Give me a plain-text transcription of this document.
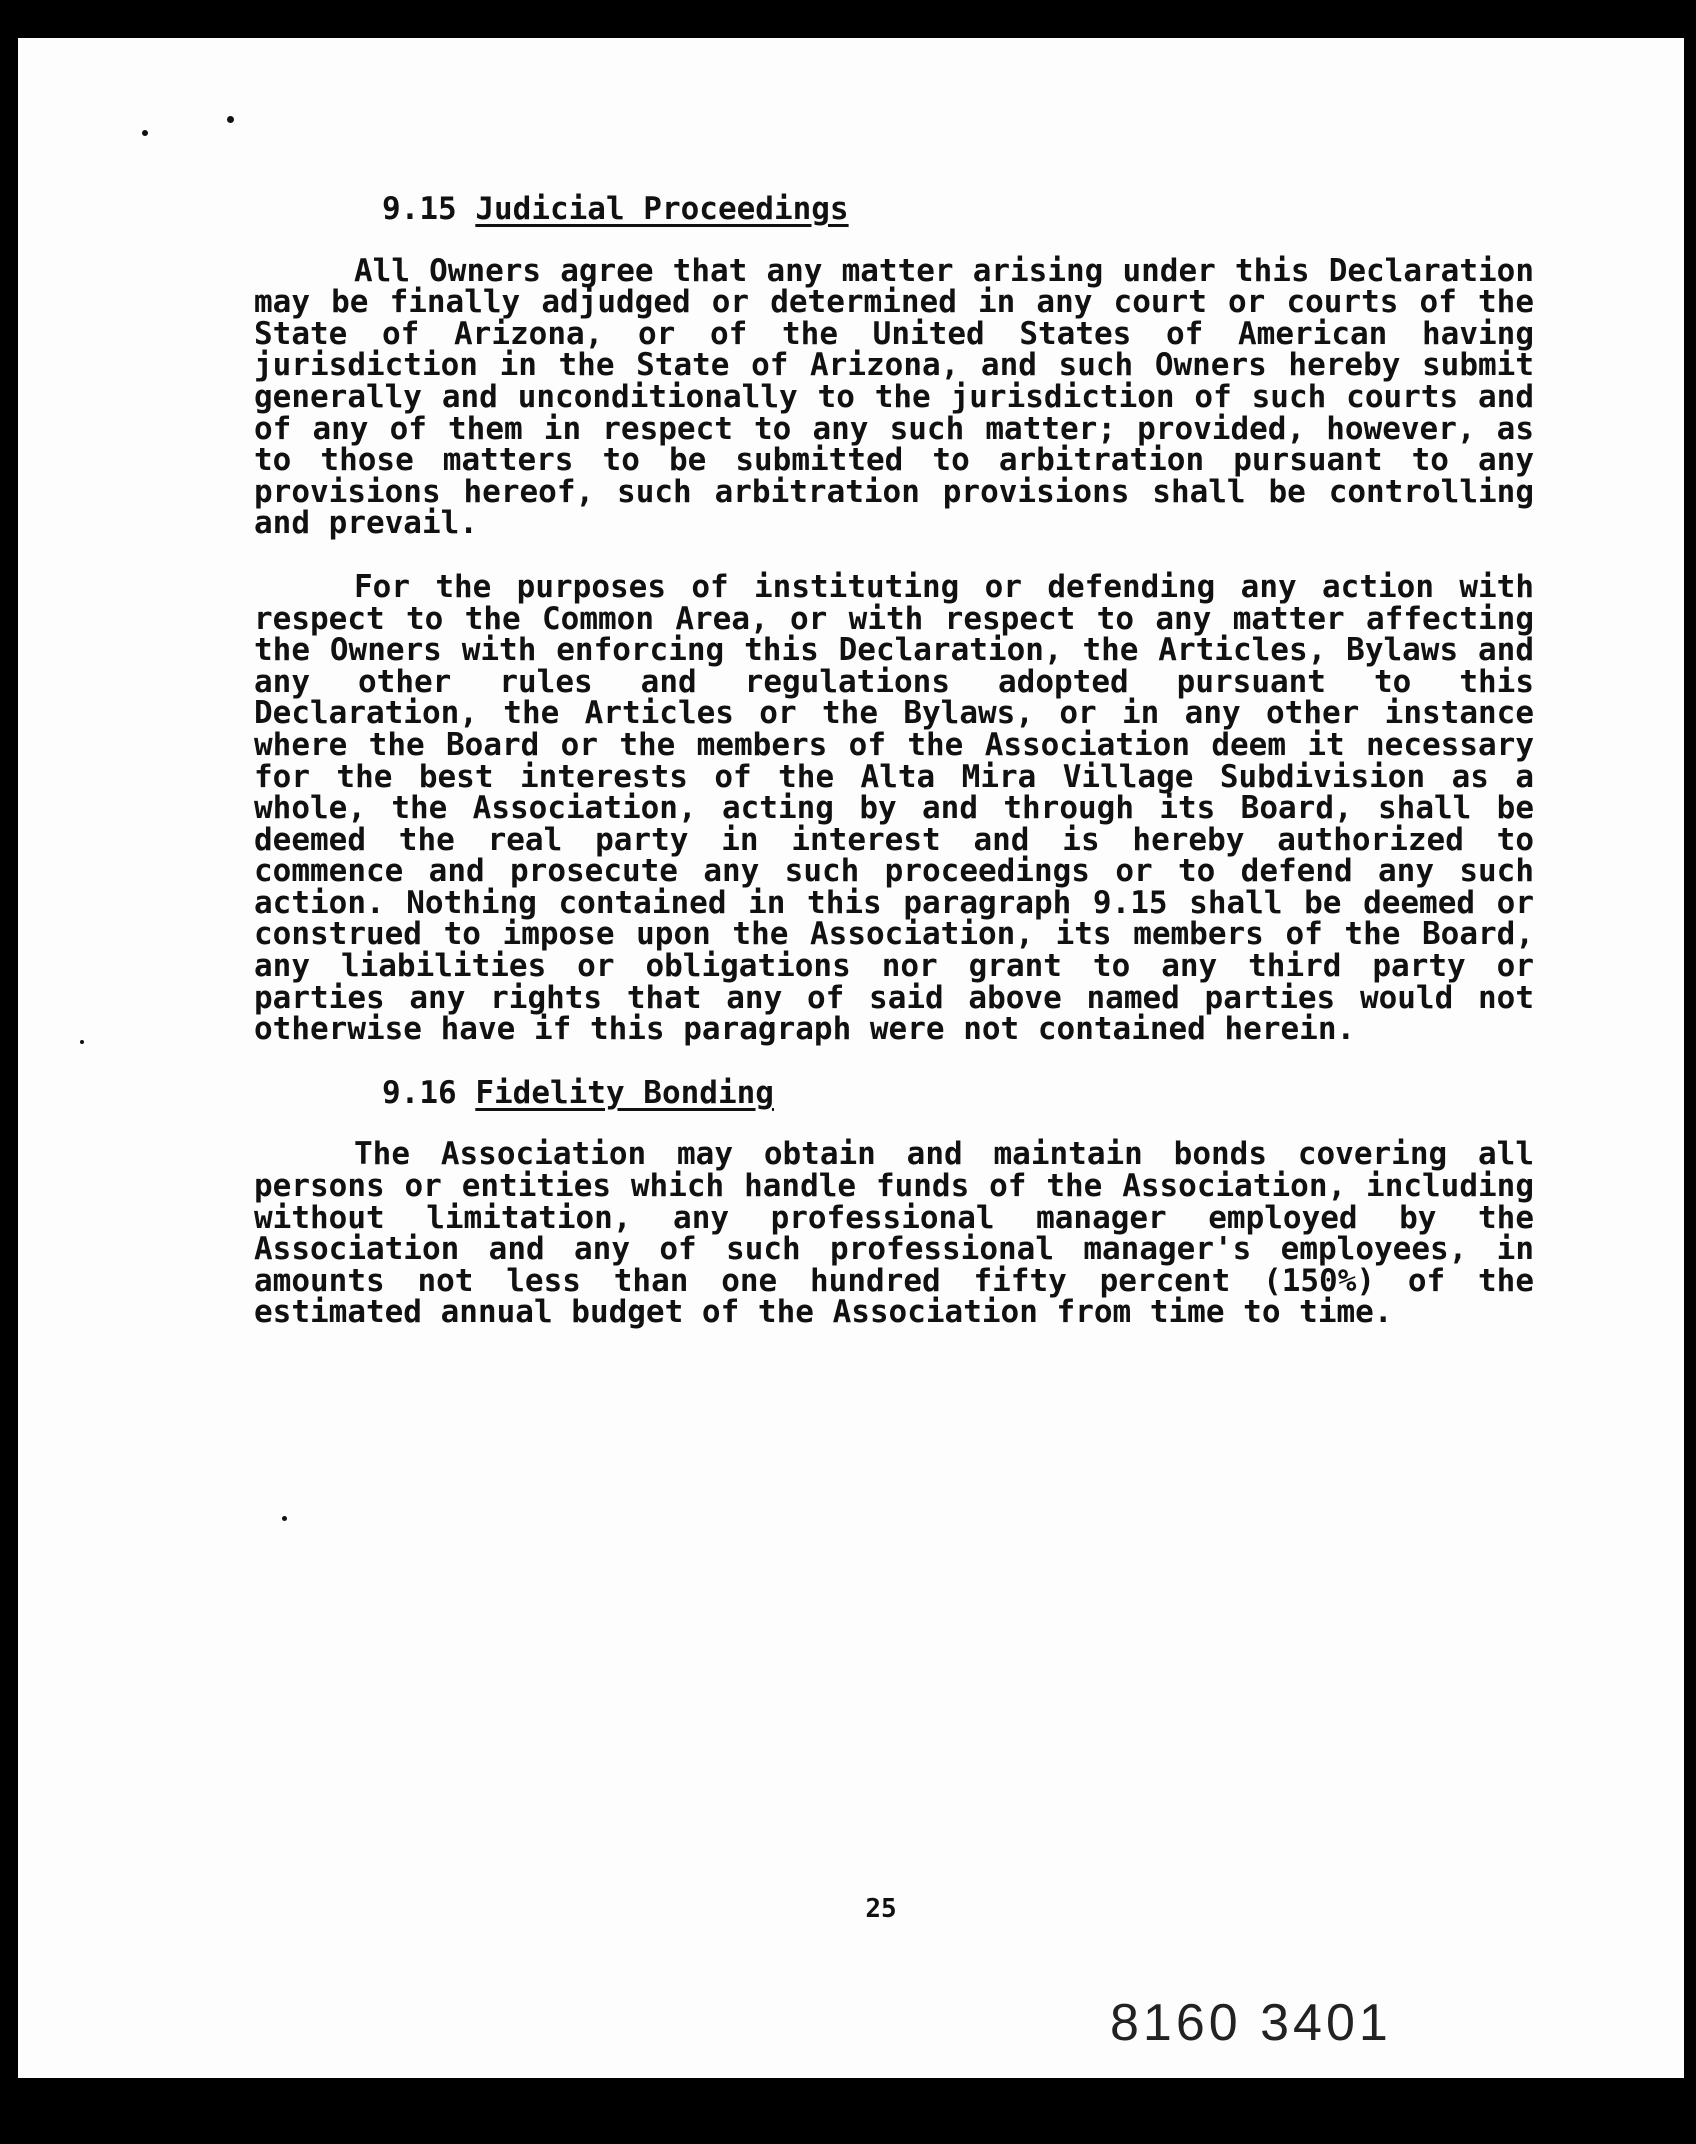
9.15 Judicial Proceedings

All Owners agree that any matter arising under this Declaration may be finally adjudged or determined in any court or courts of the State of Arizona, or of the United States of American having jurisdiction in the State of Arizona, and such Owners hereby submit generally and unconditionally to the jurisdiction of such courts and of any of them in respect to any such matter; provided, however, as to those matters to be submitted to arbitration pursuant to any provisions hereof, such arbitration provisions shall be controlling and prevail.

For the purposes of instituting or defending any action with respect to the Common Area, or with respect to any matter affecting the Owners with enforcing this Declaration, the Articles, Bylaws and any other rules and regulations adopted pursuant to this Declaration, the Articles or the Bylaws, or in any other instance where the Board or the members of the Association deem it necessary for the best interests of the Alta Mira Village Subdivision as a whole, the Association, acting by and through its Board, shall be deemed the real party in interest and is hereby authorized to commence and prosecute any such proceedings or to defend any such action. Nothing contained in this paragraph 9.15 shall be deemed or construed to impose upon the Association, its members of the Board, any liabilities or obligations nor grant to any third party or parties any rights that any of said above named parties would not otherwise have if this paragraph were not contained herein.

9.16 Fidelity Bonding

The Association may obtain and maintain bonds covering all persons or entities which handle funds of the Association, including without limitation, any professional manager employed by the Association and any of such professional manager's employees, in amounts not less than one hundred fifty percent (150%) of the estimated annual budget of the Association from time to time.

25
8160 3401
